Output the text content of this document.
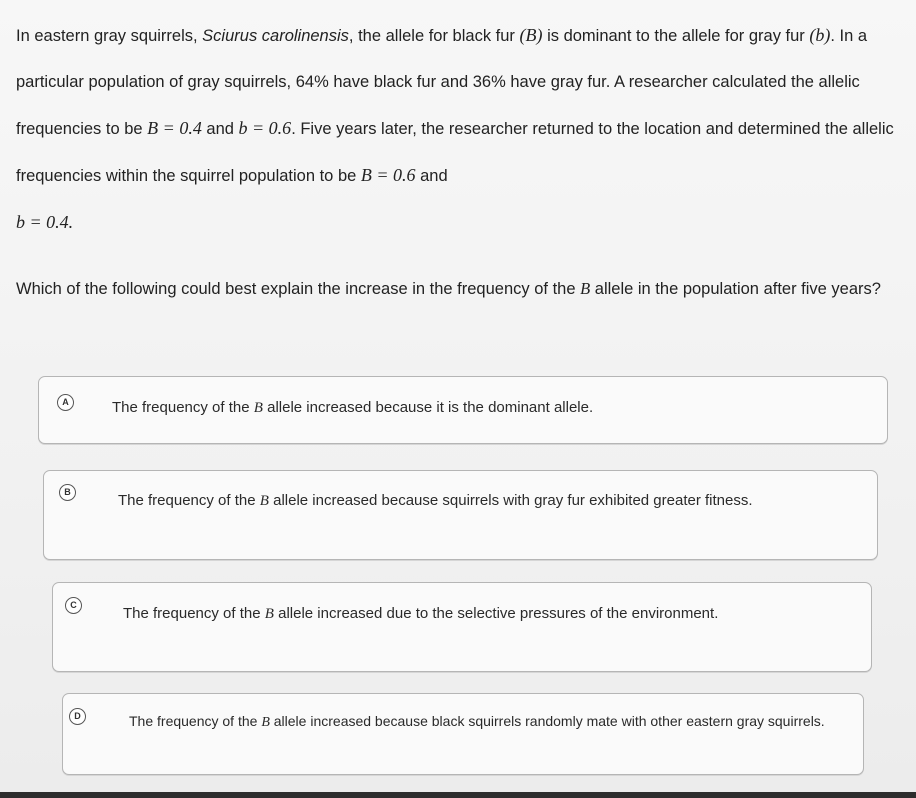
In eastern gray squirrels, Sciurus carolinensis, the allele for black fur (B) is dominant to the allele for gray fur (b). In a particular population of gray squirrels, 64% have black fur and 36% have gray fur. A researcher calculated the allelic frequencies to be B = 0.4 and b = 0.6. Five years later, the researcher returned to the location and determined the allelic frequencies within the squirrel population to be B = 0.6 and
b = 0.4.
Which of the following could best explain the increase in the frequency of the B allele in the population after five years?
A	The frequency of the B allele increased because it is the dominant allele.
B	The frequency of the B allele increased because squirrels with gray fur exhibited greater fitness.
C	The frequency of the B allele increased due to the selective pressures of the environment.
D	The frequency of the B allele increased because black squirrels randomly mate with other eastern gray squirrels.
